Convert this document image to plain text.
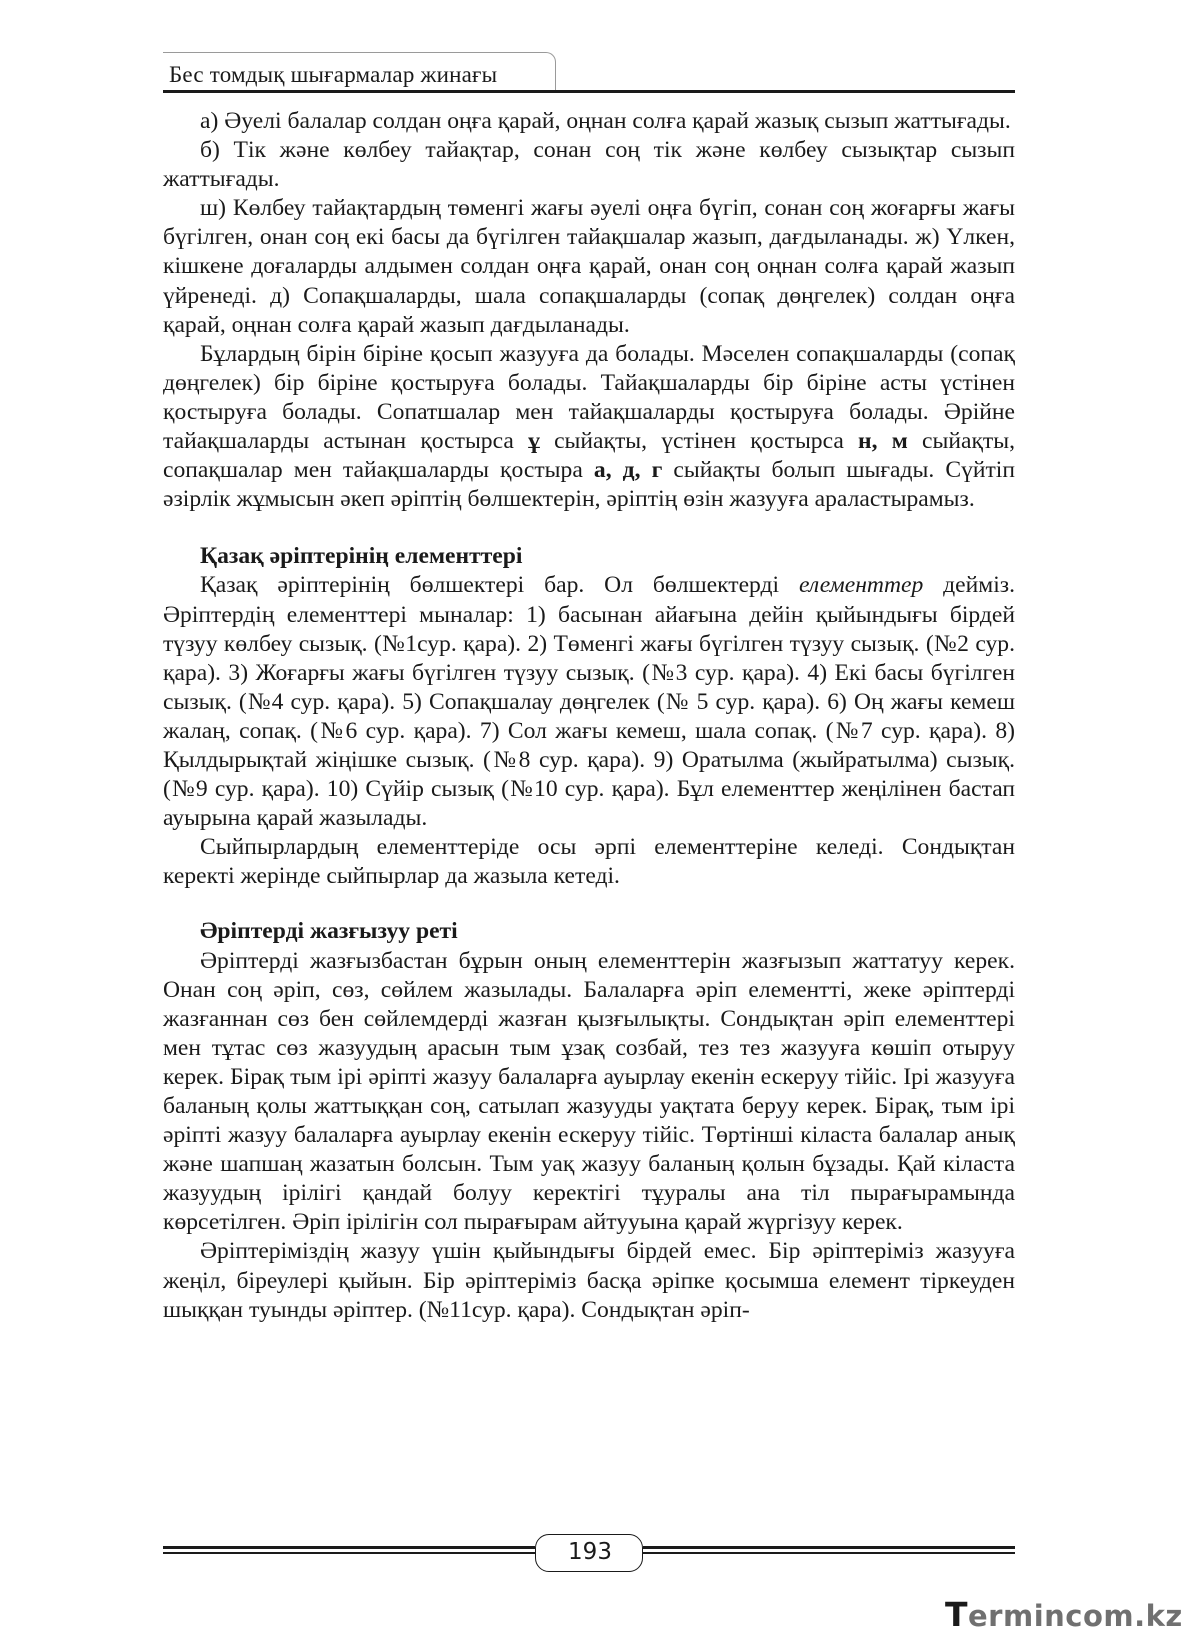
Бес томдық шығармалар жинағы

а) Әуелі балалар солдан оңға қарай, оңнан солға қарай жазық сызып жаттығады.

б) Тік және көлбеу тайақтар, сонан соң тік және көлбеу сызықтар сызып жаттығады.

ш) Көлбеу тайақтардың төменгі жағы әуелі оңға бүгіп, сонан соң жоғарғы жағы бүгілген, онан соң екі басы да бүгілген тайақшалар жазып, дағдыланады. ж) Үлкен, кішкене доғаларды алдымен солдан оңға қарай, онан соң оңнан солға қарай жазып үйренеді. д) Сопақшаларды, шала сопақшаларды (сопақ дөңгелек) солдан оңға қарай, оңнан солға қарай жазып дағдыланады.

Бұлардың бірін біріне қосып жазууға да болады. Мәселен сопақшаларды (сопақ дөңгелек) бір біріне қостыруға болады. Тайақшаларды бір бірінe асты үстінен қостыруға болады. Сопатшалар мен тайақшаларды қостыруға болады. Әрійне тайақшаларды астынан қостырса ұ сыйақты, үстінен қостырса н, м сыйақты, сопақшалар мен тайақшаларды қостыра а, д, г сыйақты болып шығады. Сүйтіп әзірлік жұмысын әкеп әріптің бөлшектерін, әріптің өзін жазууға араластырамыз.

Қазақ әріптерінің елементтері

Қазақ әріптерінің бөлшектері бар. Ол бөлшектерді елементтер дейміз. Әріптердің елементтері мыналар: 1) басынан айағына дейін қыйындығы бірдей түзуу көлбеу сызық. (№1сур. қара). 2) Төменгі жағы бүгілген түзуу сызық. (№2 сур. қара). 3) Жоғарғы жағы бүгілген түзуу сызық. (№3 сур. қара). 4) Екі басы бүгілген сызық. (№4 сур. қара). 5) Сопақшалау дөңгелек (№ 5 сур. қара). 6) Оң жағы кемеш жалаң, сопақ. (№6 сур. қара). 7) Сол жағы кемеш, шала сопақ. (№7 сур. қара). 8) Қылдырықтай жіңішке сызық. (№8 сур. қара). 9) Оратылма (жыйратылма) сызық. (№9 сур. қара). 10) Сүйір сызық (№10 сур. қара). Бұл елементтер жеңілінен бастап ауырына қарай жазылады.

Сыйпырлардың елементтеріде осы әрпі елементтеріне келеді. Сондықтан керекті жерінде сыйпырлар да жазыла кетеді.

Әріптерді жазғызуу реті

Әріптерді жазғызбастан бұрын оның елементтерін жазғызып жаттатуу керек. Онан соң әріп, сөз, сөйлем жазылады. Балаларға әріп елементті, жеке әріптерді жазғаннан сөз бен сөйлемдерді жазған қызғылықты. Сондықтан әріп елементтері мен тұтас сөз жазуудың арасын тым ұзақ созбай, тез тез жазууға көшіп отыруу керек. Бірақ тым ірі әріпті жазуу балаларға ауырлау екенін ескеруу тійіс. Ірі жазууға баланың қолы жаттыққан соң, сатылап жазууды уақтата беруу керек. Бірақ, тым ірі әріпті жазуу балаларға ауырлау екенін ескеруу тійіс. Төртінші кіласта балалар анық және шапшаң жазатын болсын. Тым уақ жазуу баланың қолын бұзады. Қай кіласта жазуудың ірілігі қандай болуу керектігі тұуралы ана тіл пырағырамында көрсетілген. Әріп ірілігін сол пырағырам айтууына қарай жүргізуу керек.

Әріптеріміздің жазуу үшін қыйындығы бірдей емес. Бір әріптеріміз жазууға жеңіл, біреулері қыйын. Бір әріптеріміз басқа әріпке қосымша елемент тіркеуден шыққан туынды әріптер. (№11сур. қара). Сондықтан әріп-

193
Termincom.kz
